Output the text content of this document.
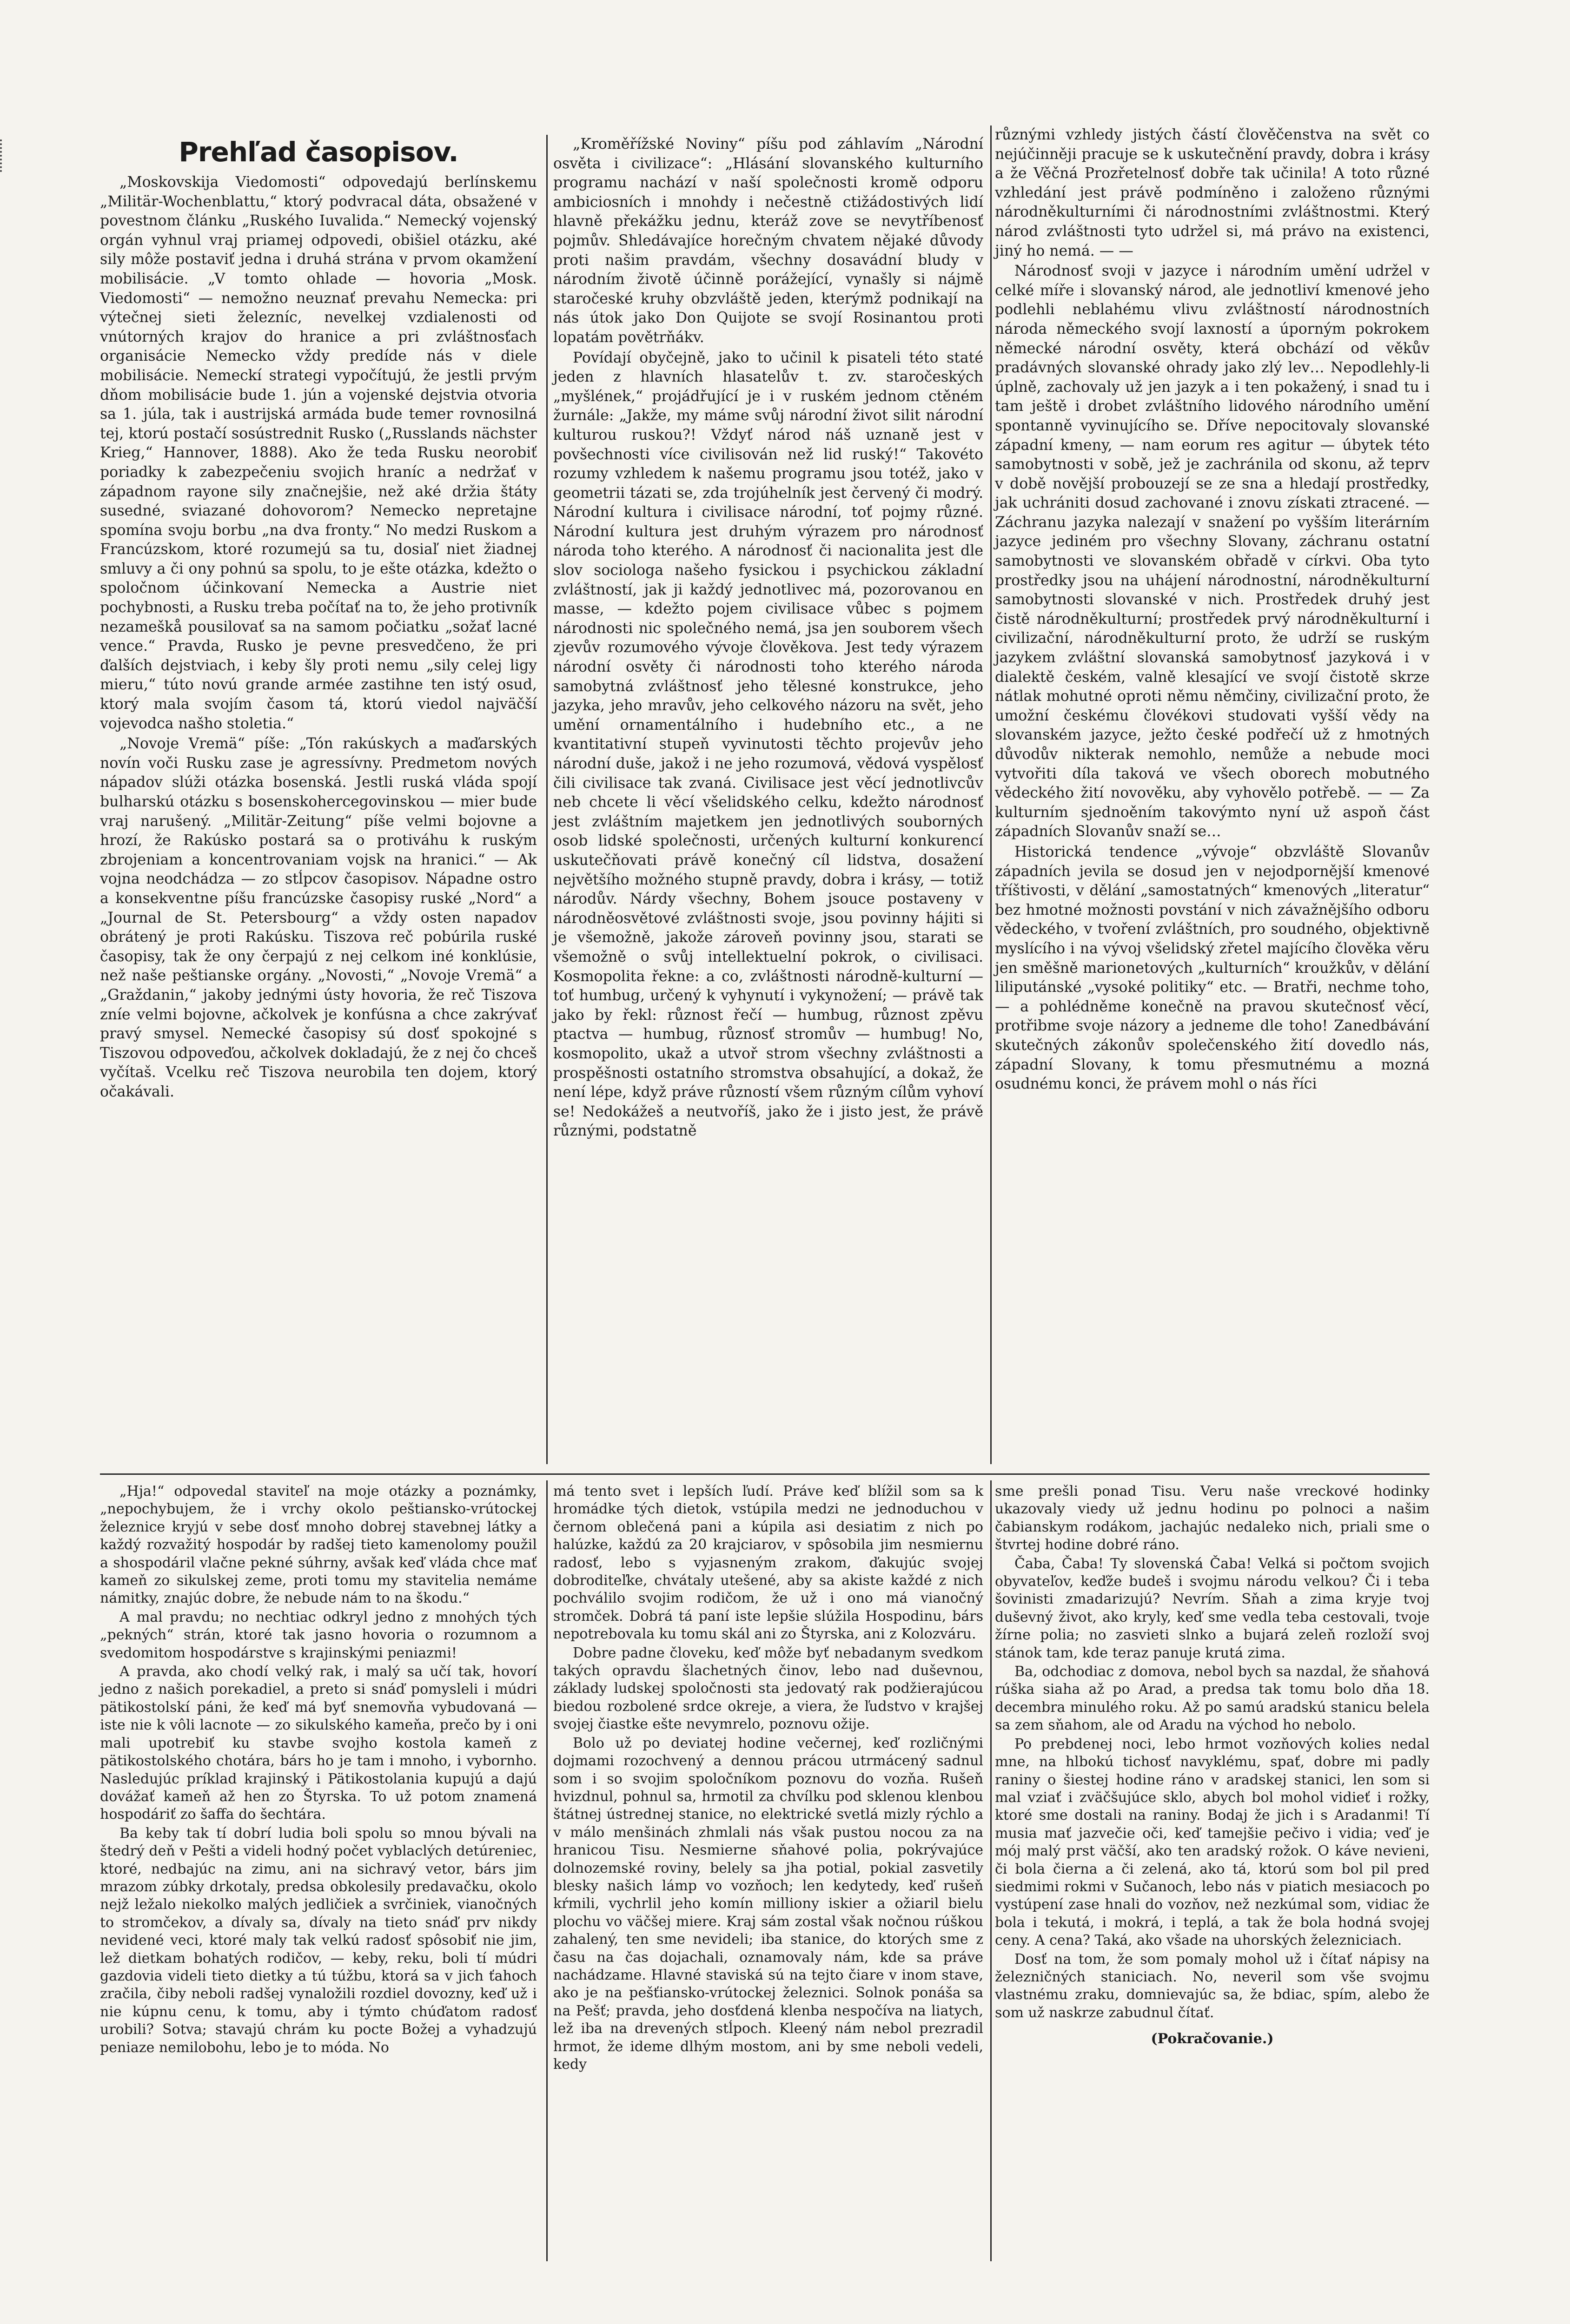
Prehľad časopisov.

„Moskovskija Viedomosti“ odpovedajú berlínskemu „Militär-Wochenblattu,“ ktorý podvracal dáta, obsažené v povestnom článku „Ruského Iuvalida.“ Nemecký vojenský orgán vyhnul vraj priamej odpovedi, obišiel otázku, aké sily môže postaviť jedna i druhá strána v prvom okamžení mobilisácie. „V tomto ohlade — hovoria „Mosk. Viedomosti“ — nemožno neuznať prevahu Nemecka: pri výtečnej sieti železníc, nevelkej vzdialenosti od vnútorných krajov do hranice a pri zvláštnosťach organisácie Nemecko vždy predíde nás v diele mobilisácie. Nemeckí strategi vypočítujú, že jestli prvým dňom mobilisácie bude 1. jún a vojenské dejstvia otvoria sa 1. júla, tak i austrijská armáda bude temer rovnosilná tej, ktorú postačí sosústrednit Rusko („Russlands nächster Krieg,“ Hannover, 1888). Ako že teda Rusku neorobiť poriadky k zabezpečeniu svojich hraníc a nedržať v západnom rayone sily značnejšie, než aké držia štáty susedné, sviazané dohovorom? Nemecko nepretajne spomína svoju borbu „na dva fronty.“ No medzi Ruskom a Francúzskom, ktoré rozumejú sa tu, dosiaľ niet žiadnej smluvy a či ony pohnú sa spolu, to je ešte otázka, kdežto o spoločnom účinkovaní Nemecka a Austrie niet pochybnosti, a Rusku treba počítať na to, že jeho protivník nezameškå pousilovať sa na samom počiatku „sožať lacné vence.“ Pravda, Rusko je pevne presvedčeno, že pri ďalších dejstviach, i keby šly proti nemu „sily celej ligy mieru,“ túto novú grande armée zastihne ten istý osud, ktorý mala svojím časom tá, ktorú viedol najväčší vojevodca našho stoletia.“

„Novoje Vremä“ píše: „Tón rakúskych a maďarských novín voči Rusku zase je agressívny. Predmetom nových nápadov slúži otázka bosenská. Jestli ruská vláda spojí bulharskú otázku s bosenskohercegovinskou — mier bude vraj narušený. „Militär-Zeitung“ píše velmi bojovne a hrozí, že Rakúsko postará sa o protiváhu k ruským zbrojeniam a koncentrovaniam vojsk na hranici.“ — Ak vojna neodchádza — zo stĺpcov časopisov. Nápadne ostro a konsekventne píšu francúzske časopisy ruské „Nord“ a „Journal de St. Petersbourg“ a vždy osten napadov obrátený je proti Rakúsku. Tiszova reč pobúrila ruské časopisy, tak že ony čerpajú z nej celkom iné konklúsie, než naše peštianske orgány. „Novosti,“ „Novoje Vremä“ a „Graždanin,“ jakoby jednými ústy hovoria, že reč Tiszova zníe velmi bojovne, ačkolvek je konfúsna a chce zakrývať pravý smysel. Nemecké časopisy sú dosť spokojné s Tiszovou odpoveďou, ačkolvek dokladajú, že z nej čo chceš vyčítaš. Vcelku reč Tiszova neurobila ten dojem, ktorý očakávali.

„Kroměřížské Noviny“ píšu pod záhlavím „Národní osvěta i civilizace“: „Hlásání slovanského kulturního programu nachází v naší společnosti kromě odporu ambiciosních i mnohdy i nečestně ctižádostivých lidí hlavně překážku jednu, kteráž zove se nevytříbenosť pojmův. Shledávajíce horečným chvatem nějaké důvody proti našim pravdám, všechny dosavádní bludy v národním životě účinně porážející, vynašly si nájmě staročeské kruhy obzvláště jeden, kterýmž podnikají na nás útok jako Don Quijote se svojí Rosinantou proti lopatám povětrňákv.

Povídají obyčejně, jako to učinil k pisateli této staté jeden z hlavních hlasatelův t. zv. staročeských „myšlének,“ projádřující je i v ruském jednom ctěném žurnále: „Jakže, my máme svůj národní život silit národní kulturou ruskou?! Vždyť národ náš uznaně jest v povšechnosti více civilisován než lid ruský!“ Takovéto rozumy vzhledem k našemu programu jsou totéž, jako v geometrii tázati se, zda trojúhelník jest červený či modrý. Národní kultura i civilisace národní, toť pojmy různé. Národní kultura jest druhým výrazem pro národnosť národa toho kterého. A národnosť či nacionalita jest dle slov sociologa našeho fysickou i psychickou základní zvláštností, jak ji každý jednotlivec má, pozorovanou en masse, — kdežto pojem civilisace vůbec s pojmem národnosti nic společného nemá, jsa jen souborem všech zjevův rozumového vývoje člověkova. Jest tedy výrazem národní osvěty či národnosti toho kterého národa samobytná zvláštnosť jeho tělesné konstrukce, jeho jazyka, jeho mravův, jeho celkového názoru na svět, jeho umění ornamentálního i hudebního etc., a ne kvantitativní stupeň vyvinutosti těchto projevův jeho národní duše, jakož i ne jeho rozumová, vědová vyspělosť čili civilisace tak zvaná. Civilisace jest věcí jednotlivcův neb chcete li věcí všelidského celku, kdežto národnosť jest zvláštním majetkem jen jednotlivých souborných osob lidské společnosti, určených kulturní konkurencí uskutečňovati právě konečný cíl lidstva, dosažení největšího možného stupně pravdy, dobra i krásy, — totiž národův. Nárdy všechny, Bohem jsouce postaveny v národněosvětové zvláštnosti svoje, jsou povinny hájiti si je všemožně, jakože zároveň povinny jsou, starati se všemožně o svůj intellektuelní pokrok, o civilisaci. Kosmopolita řekne: a co, zvláštnosti národně-kulturní — toť humbug, určený k vyhynutí i vykynožení; — právě tak jako by řekl: různost řečí — humbug, různost zpěvu ptactva — humbug, různosť stromův — humbug! No, kosmopolito, ukaž a utvoř strom všechny zvláštnosti a prospěšnosti ostatního stromstva obsahující, a dokaž, že není lépe, když práve růzností všem různým cílům vyhoví se! Nedokážeš a neutvoříš, jako že i jisto jest, že právě různými, podstatně

různými vzhledy jistých částí člověčenstva na svět co nejúčinněji pracuje se k uskutečnění pravdy, dobra i krásy a že Věčná Prozřetelnosť dobře tak učinila! A toto různé vzhledání jest právě podmíněno i založeno různými národněkulturními či národnostními zvláštnostmi. Který národ zvláštnosti tyto udržel si, má právo na existenci, jiný ho nemá. — —

Národnosť svoji v jazyce i národním umění udržel v celké míře i slovanský národ, ale jednotliví kmenové jeho podlehli neblahému vlivu zvláštností národnostních národa německého svojí laxností a úporným pokrokem německé národní osvěty, která obchází od věkův pradávných slovanské ohrady jako zlý lev… Nepodlehly-li úplně, zachovaly už jen jazyk a i ten pokažený, i snad tu i tam ještě i drobet zvláštního lidového národního umění spontanně vyvinujícího se. Dříve nepocitovaly slovanské západní kmeny, — nam eorum res agitur — úbytek této samobytnosti v sobě, jež je zachránila od skonu, až teprv v době novější probouzejí se ze sna a hledají prostředky, jak uchrániti dosud zachované i znovu získati ztracené. — Záchranu jazyka nalezají v snažení po vyšším literárním jazyce jediném pro všechny Slovany, záchranu ostatní samobytnosti ve slovanském obřadě v církvi. Oba tyto prostředky jsou na uhájení národnostní, národněkulturní samobytnosti slovanské v nich. Prostředek druhý jest čistě národněkulturní; prostředek prvý národněkulturní i civilizační, národněkulturní proto, že udrží se ruským jazykem zvláštní slovanská samobytnosť jazyková i v dialektě českém, valně klesající ve svojí čistotě skrze nátlak mohutné oproti němu němčiny, civilizační proto, že umožní českému človékovi studovati vyšší vědy na slovanském jazyce, ježto české podřečí už z hmotných důvodův nikterak nemohlo, nemůže a nebude moci vytvořiti díla taková ve všech oborech mobutného vědeckého žití novověku, aby vyhovělo potřebě. — — Za kulturním sjednoěním takovýmto nyní už aspoň část západních Slovanův snaží se…

Historická tendence „vývoje“ obzvláště Slovanův západních jevila se dosud jen v nejodpornější kmenové tříštivosti, v dělání „samostatných“ kmenových „literatur“ bez hmotné možnosti povstání v nich závažnějšího odboru vědeckého, v tvoření zvláštních, pro soudného, objektivně myslícího i na vývoj všelidský zřetel majícího člověka věru jen směšně marionetových „kulturních“ kroužkův, v dělání liliputánské „vysoké politiky“ etc. — Bratři, nechme toho, — a pohlédněme konečně na pravou skutečnosť věcí, protřibme svoje názory a jedneme dle toho! Zanedbávání skutečných zákonův společenského žití dovedlo nás, západní Slovany, k tomu přesmutnému a mozná osudnému konci, že právem mohl o nás říci

„Hja!“ odpovedal staviteľ na moje otázky a poznámky, „nepochybujem, že i vrchy okolo peštiansko-vrútockej železnice kryjú v sebe dosť mnoho dobrej stavebnej látky a každý rozvažitý hospodár by radšej tieto kamenolomy použil a shospodáril vlačne pekné súhrny, avšak keď vláda chce mať kameň zo sikulskej zeme, proti tomu my stavitelia nemáme námitky, znajúc dobre, že nebude nám to na škodu.“

A mal pravdu; no nechtiac odkryl jedno z mnohých tých „pekných“ strán, ktoré tak jasno hovoria o rozumnom a svedomitom hospodárstve s krajinskými peniazmi!

A pravda, ako chodí velký rak, i malý sa učí tak, hovorí jedno z našich porekadiel, a preto si snáď pomysleli i múdri pätikostolskí páni, že keď má byť snemovňa vybudovaná — iste nie k vôli lacnote — zo sikulského kameňa, prečo by i oni mali upotrebiť ku stavbe svojho kostola kameň z pätikostolského chotára, bárs ho je tam i mnoho, i vybornho. Nasledujúc príklad krajinský i Pätikostolania kupujú a dajú dovážať kameň až hen zo Štyrska. To už potom znamená hospodáriť zo šaffa do šechtára.

Ba keby tak tí dobrí ludia boli spolu so mnou bývali na štedrý deň v Pešti a videli hodný počet vyblaclých detúreniec, ktoré, nedbajúc na zimu, ani na sichravý vetor, bárs jim mrazom zúbky drkotaly, predsa obkolesily predavačku, okolo nejž ležalo niekolko malých jedličiek a svrčiniek, vianočných to stromčekov, a dívaly sa, dívaly na tieto snáď prv nikdy nevidené veci, ktoré maly tak velkú radosť spôsobiť nie jim, lež dietkam bohatých rodičov, — keby, reku, boli tí múdri gazdovia videli tieto dietky a tú túžbu, ktorá sa v jich ťahoch zračila, čiby neboli radšej vynaložili rozdiel dovozny, keď už i nie kúpnu cenu, k tomu, aby i týmto chúďatom radosť urobili? Sotva; stavajú chrám ku pocte Božej a vyhadzujú peniaze nemilobohu, lebo je to móda. No

má tento svet i lepších ľudí. Práve keď blížil som sa k hromádke tých dietok, vstúpila medzi ne jednoduchou v černom oblečená pani a kúpila asi desiatim z nich po halúzke, každú za 20 krajciarov, v spôsobila jim nesmiernu radosť, lebo s vyjasneným zrakom, ďakujúc svojej dobroditeľke, chvátaly utešené, aby sa akiste každé z nich pochválilo svojim rodičom, že už i ono má vianočný stromček. Dobrá tá paní iste lepšie slúžila Hospodinu, bárs nepotrebovala ku tomu skál ani zo Štyrska, ani z Kolozváru.

Dobre padne človeku, keď môže byť nebadanym svedkom takých opravdu šlachetných činov, lebo nad duševnou, základy ludskej spoločnosti sta jedovatý rak podžierajúcou biedou rozbolené srdce okreje, a viera, že ľudstvo v krajšej svojej čiastke ešte nevymrelo, poznovu ožije.

Bolo už po deviatej hodine večernej, keď rozličnými dojmami rozochvený a dennou prácou utrmácený sadnul som i so svojim spoločníkom poznovu do vozňa. Rušeň hvizdnul, pohnul sa, hrmotil za chvílku pod sklenou klenbou štátnej ústrednej stanice, no elektrické svetlá mizly rýchlo a v málo menšinách zhmlali nás však pustou nocou za na hranicou Tisu. Nesmierne sňahové polia, pokrývajúce dolnozemské roviny, belely sa jha potial, pokial zasvetily blesky našich lámp vo vozňoch; len kedytedy, keď rušeň kŕmili, vychrlil jeho komín milliony iskier a ožiaril bielu plochu vo väčšej miere. Kraj sám zostal však nočnou rúškou zahalený, ten sme nevideli; iba stanice, do ktorých sme z času na čas dojachali, oznamovaly nám, kde sa práve nachádzame. Hlavné staviská sú na tejto čiare v inom stave, ako je na pešťiansko-vrútockej železnici. Solnok ponáša sa na Pešť; pravda, jeho dosťdená klenba nespočíva na liatych, lež iba na drevených stĺpoch. Kleený nám nebol prezradil hrmot, že ideme dlhým mostom, ani by sme neboli vedeli, kedy

sme prešli ponad Tisu. Veru naše vreckové hodinky ukazovaly viedy už jednu hodinu po polnoci a našim čabianskym rodákom, jachajúc nedaleko nich, priali sme o štvrtej hodine dobré ráno.

Čaba, Čaba! Ty slovenská Čaba! Velká si počtom svojich obyvateľov, keďže budeš i svojmu národu velkou? Či i teba šovinisti zmadarizujú? Nevrím. Sňah a zima kryje tvoj duševný život, ako kryly, keď sme vedla teba cestovali, tvoje žírne polia; no zasvieti slnko a bujará zeleň rozloží svoj stánok tam, kde teraz panuje krutá zima.

Ba, odchodiac z domova, nebol bych sa nazdal, že sňahová rúška siaha až po Arad, a predsa tak tomu bolo dňa 18. decembra minulého roku. Až po samú aradskú stanicu belela sa zem sňahom, ale od Aradu na východ ho nebolo.

Po prebdenej noci, lebo hrmot vozňových kolies nedal mne, na hlbokú tichosť navyklému, spať, dobre mi padly raniny o šiestej hodine ráno v aradskej stanici, len som si mal vziať i zväčšujúce sklo, abych bol mohol vidieť i rožky, ktoré sme dostali na raniny. Bodaj že jich i s Aradanmi! Tí musia mať jazvečie oči, keď tamejšie pečivo i vidia; veď je mój malý prst väčší, ako ten aradský rožok. O káve nevieni, či bola čierna a či zelená, ako tá, ktorú som bol pil pred siedmimi rokmi v Sučanoch, lebo nás v piatich mesiacoch po vystúpení zase hnali do vozňov, než nezkúmal som, vidiac že bola i tekutá, i mokrá, i teplá, a tak že bola hodná svojej ceny. A cena? Taká, ako všade na uhorských železniciach.

Dosť na tom, že som pomaly mohol už i čítať nápisy na železničných staniciach. No, neveril som vše svojmu vlastnému zraku, domnievajúc sa, že bdiac, spím, alebo že som už naskrze zabudnul čítať.

(Pokračovanie.)
